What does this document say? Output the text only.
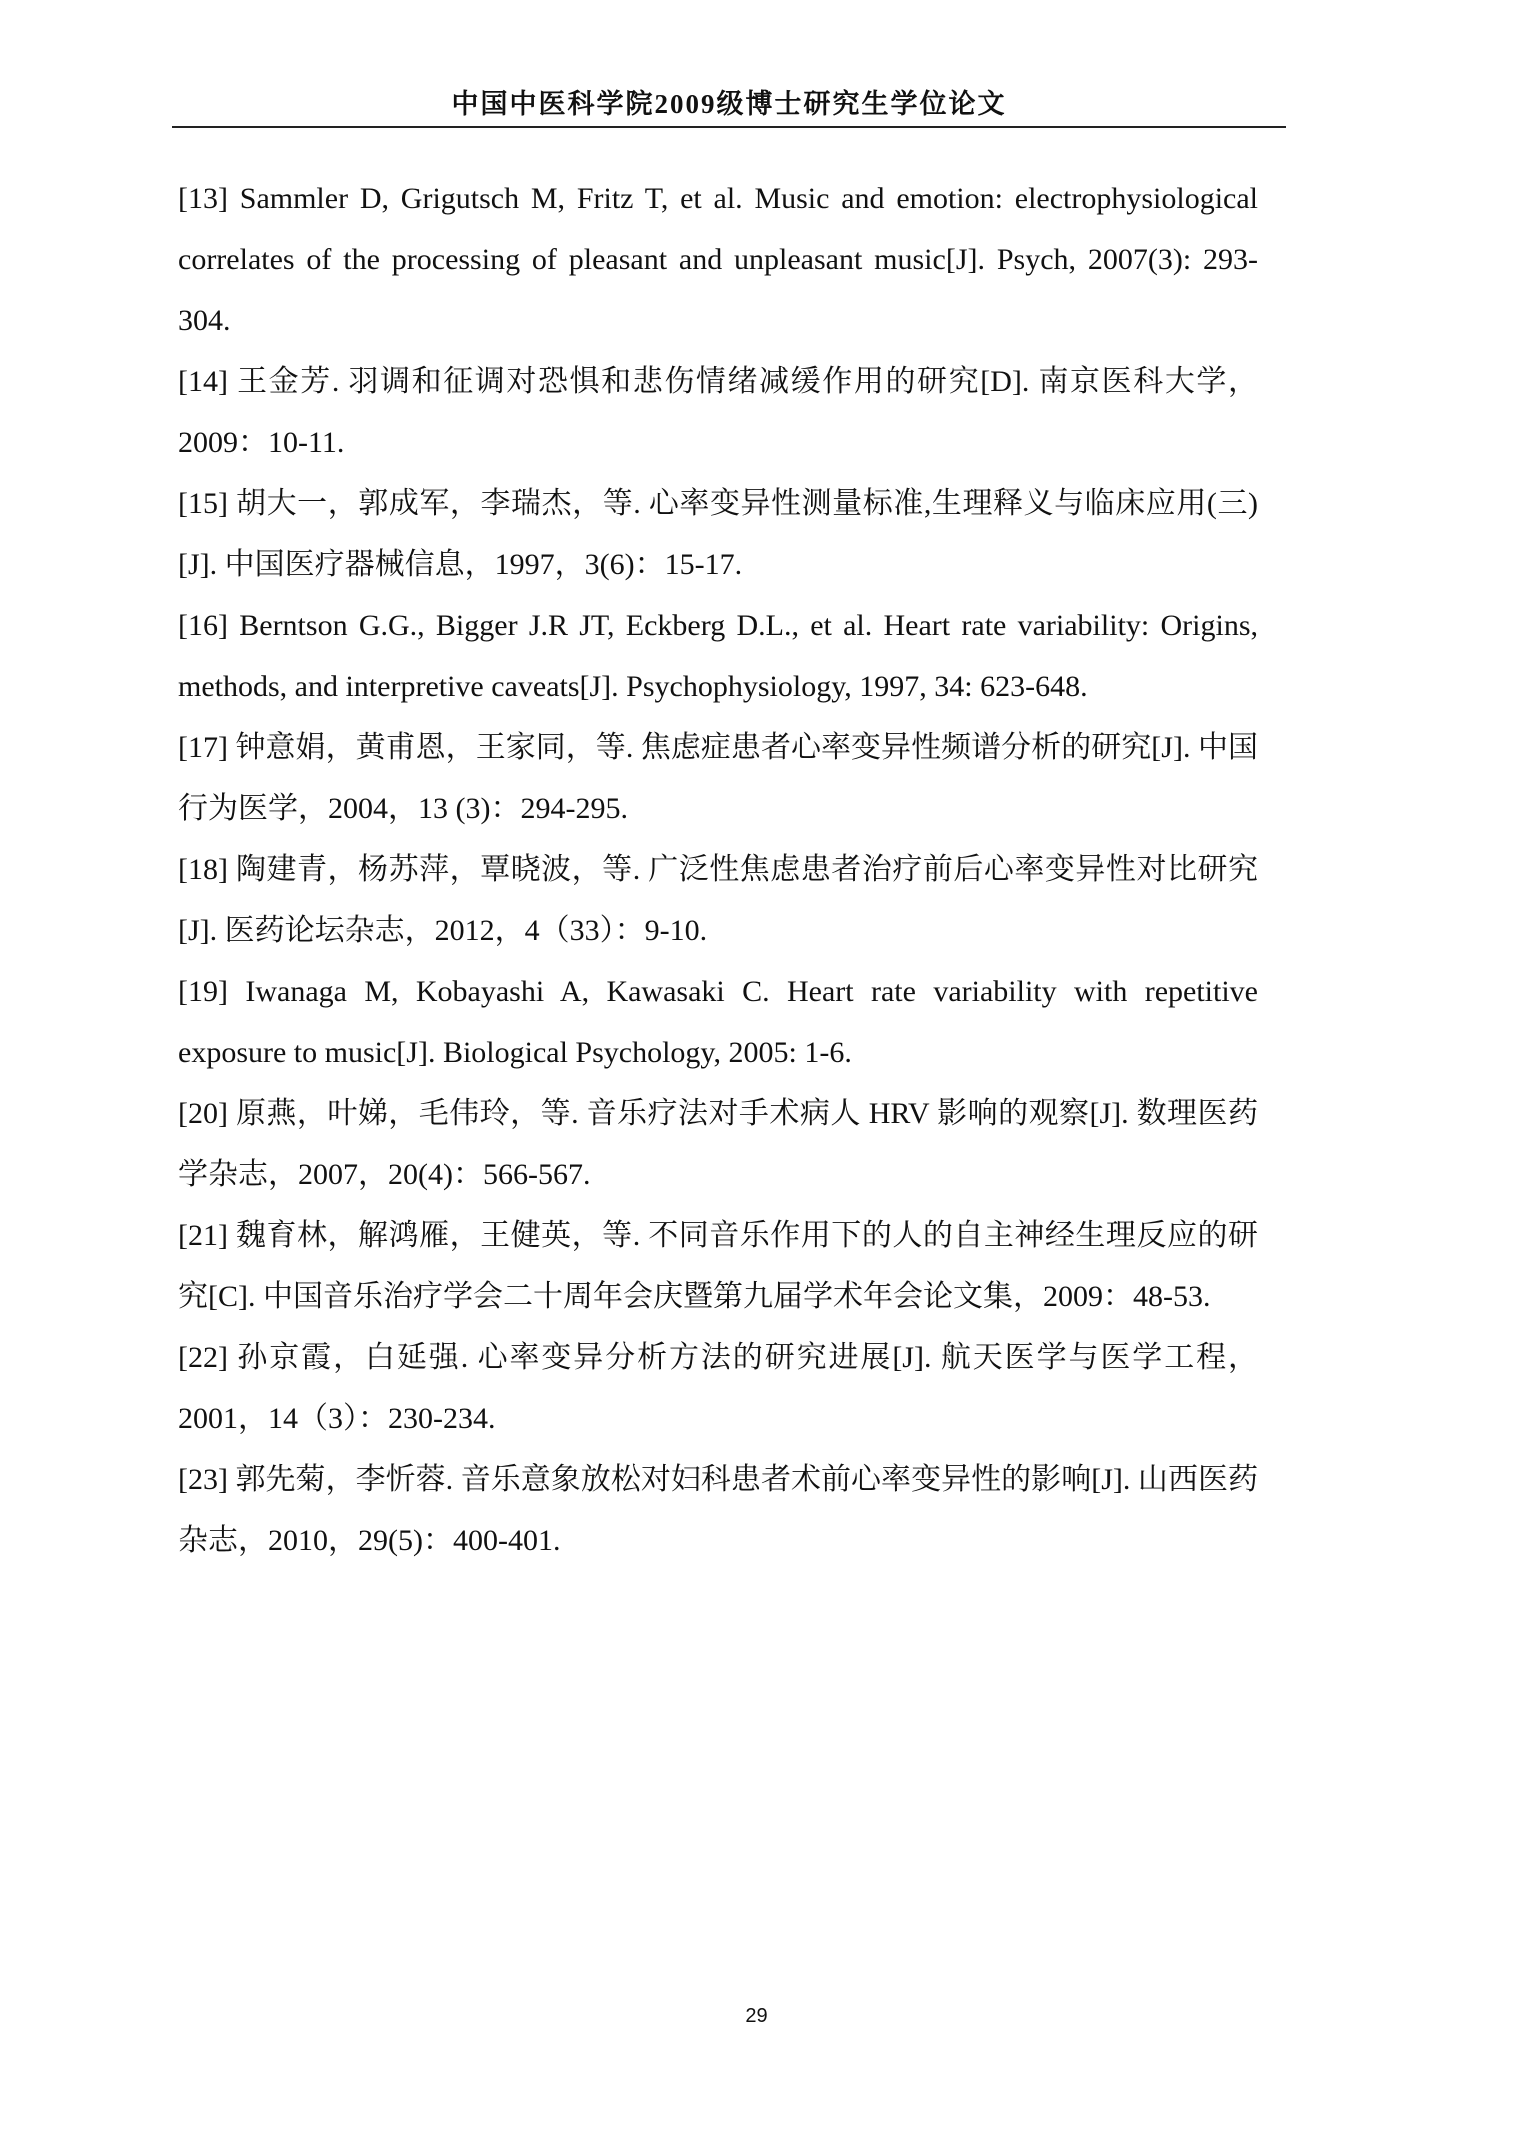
中国中医科学院2009级博士研究生学位论文

[13] Sammler D, Grigutsch M, Fritz T, et al. Music and emotion: electrophysiological correlates of the processing of pleasant and unpleasant music[J]. Psych, 2007(3): 293-304.

[14] 王金芳. 羽调和征调对恐惧和悲伤情绪减缓作用的研究[D]. 南京医科大学，2009：10-11.

[15] 胡大一，郭成军，李瑞杰，等. 心率变异性测量标准,生理释义与临床应用(三) [J]. 中国医疗器械信息，1997，3(6)：15-17.

[16] Berntson G.G., Bigger J.R JT, Eckberg D.L., et al. Heart rate variability: Origins, methods, and interpretive caveats[J]. Psychophysiology, 1997, 34: 623-648.

[17] 钟意娟，黄甫恩，王家同，等. 焦虑症患者心率变异性频谱分析的研究[J]. 中国行为医学，2004，13 (3)：294-295.

[18] 陶建青，杨苏萍，覃晓波，等. 广泛性焦虑患者治疗前后心率变异性对比研究[J]. 医药论坛杂志，2012，4（33）：9-10.

[19] Iwanaga M, Kobayashi A, Kawasaki C. Heart rate variability with repetitive exposure to music[J]. Biological Psychology, 2005: 1-6.

[20] 原燕，叶娣，毛伟玲，等. 音乐疗法对手术病人 HRV 影响的观察[J]. 数理医药学杂志，2007，20(4)：566-567.

[21] 魏育林，解鸿雁，王健英，等. 不同音乐作用下的人的自主神经生理反应的研究[C]. 中国音乐治疗学会二十周年会庆暨第九届学术年会论文集，2009：48-53.

[22] 孙京霞，白延强. 心率变异分析方法的研究进展[J]. 航天医学与医学工程，2001，14（3）：230-234.

[23] 郭先菊，李忻蓉. 音乐意象放松对妇科患者术前心率变异性的影响[J]. 山西医药杂志，2010，29(5)：400-401.

29
